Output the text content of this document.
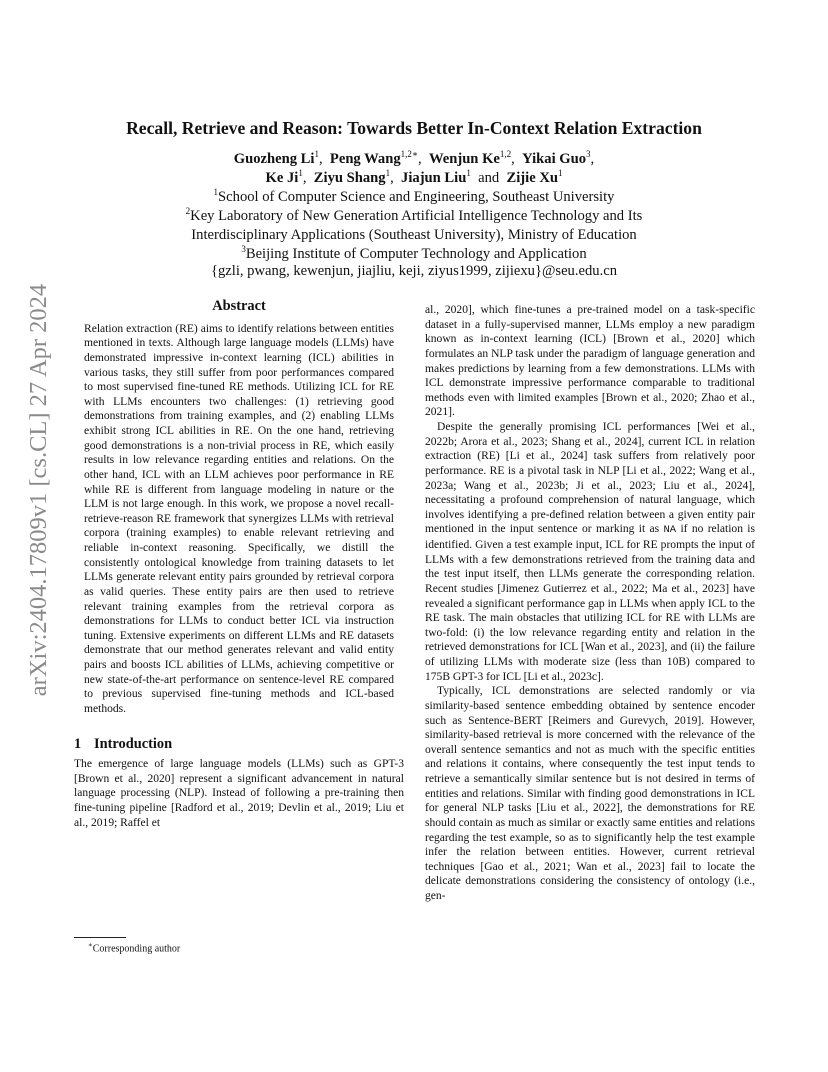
arXiv:2404.17809v1 [cs.CL] 27 Apr 2024
Recall, Retrieve and Reason: Towards Better In-Context Relation Extraction
Guozheng Li$^1$,  Peng Wang$^{1,2∗}$,  Wenjun Ke$^{1,2}$,  Yikai Guo$^3$,
Ke Ji$^1$,  Ziyu Shang$^1$,  Jiajun Liu$^1$ and Zijie Xu$^1$
$^1$School of Computer Science and Engineering, Southeast University
$^2$Key Laboratory of New Generation Artificial Intelligence Technology and Its
Interdisciplinary Applications (Southeast University), Ministry of Education
$^3$Beijing Institute of Computer Technology and Application
{gzli, pwang, kewenjun, jiajliu, keji, ziyus1999, zijiexu}@seu.edu.cn
Abstract

Relation extraction (RE) aims to identify relations between entities mentioned in texts. Although large language models (LLMs) have demonstrated impressive in-context learning (ICL) abilities in various tasks, they still suffer from poor performances compared to most supervised fine-tuned RE methods. Utilizing ICL for RE with LLMs encounters two challenges: (1) retrieving good demonstrations from training examples, and (2) enabling LLMs exhibit strong ICL abilities in RE. On the one hand, retrieving good demonstrations is a non-trivial process in RE, which easily results in low relevance regarding entities and relations. On the other hand, ICL with an LLM achieves poor performance in RE while RE is different from language modeling in nature or the LLM is not large enough. In this work, we propose a novel recall-retrieve-reason RE framework that synergizes LLMs with retrieval corpora (training examples) to enable relevant retrieving and reliable in-context reasoning. Specifically, we distill the consistently ontological knowledge from training datasets to let LLMs generate relevant entity pairs grounded by retrieval corpora as valid queries. These entity pairs are then used to retrieve relevant training examples from the retrieval corpora as demonstrations for LLMs to conduct better ICL via instruction tuning. Extensive experiments on different LLMs and RE datasets demonstrate that our method generates relevant and valid entity pairs and boosts ICL abilities of LLMs, achieving competitive or new state-of-the-art performance on sentence-level RE compared to previous supervised fine-tuning methods and ICL-based methods.

1 Introduction

The emergence of large language models (LLMs) such as GPT-3 [Brown et al., 2020] represent a significant advancement in natural language processing (NLP). Instead of following a pre-training then fine-tuning pipeline [Radford et al., 2019; Devlin et al., 2019; Liu et al., 2019; Raffel et

∗Corresponding author

al., 2020], which fine-tunes a pre-trained model on a task-specific dataset in a fully-supervised manner, LLMs employ a new paradigm known as in-context learning (ICL) [Brown et al., 2020] which formulates an NLP task under the paradigm of language generation and makes predictions by learning from a few demonstrations. LLMs with ICL demonstrate impressive performance comparable to traditional methods even with limited examples [Brown et al., 2020; Zhao et al., 2021].

Despite the generally promising ICL performances [Wei et al., 2022b; Arora et al., 2023; Shang et al., 2024], current ICL in relation extraction (RE) [Li et al., 2024] task suffers from relatively poor performance. RE is a pivotal task in NLP [Li et al., 2022; Wang et al., 2023a; Wang et al., 2023b; Ji et al., 2023; Liu et al., 2024], necessitating a profound comprehension of natural language, which involves identifying a pre-defined relation between a given entity pair mentioned in the input sentence or marking it as NA if no relation is identified. Given a test example input, ICL for RE prompts the input of LLMs with a few demonstrations retrieved from the training data and the test input itself, then LLMs generate the corresponding relation. Recent studies [Jimenez Gutierrez et al., 2022; Ma et al., 2023] have revealed a significant performance gap in LLMs when apply ICL to the RE task. The main obstacles that utilizing ICL for RE with LLMs are two-fold: (i) the low relevance regarding entity and relation in the retrieved demonstrations for ICL [Wan et al., 2023], and (ii) the failure of utilizing LLMs with moderate size (less than 10B) compared to 175B GPT-3 for ICL [Li et al., 2023c].

Typically, ICL demonstrations are selected randomly or via similarity-based sentence embedding obtained by sentence encoder such as Sentence-BERT [Reimers and Gurevych, 2019]. However, similarity-based retrieval is more concerned with the relevance of the overall sentence semantics and not as much with the specific entities and relations it contains, where consequently the test input tends to retrieve a semantically similar sentence but is not desired in terms of entities and relations. Similar with finding good demonstrations in ICL for general NLP tasks [Liu et al., 2022], the demonstrations for RE should contain as much as similar or exactly same entities and relations regarding the test example, so as to significantly help the test example infer the relation between entities. However, current retrieval techniques [Gao et al., 2021; Wan et al., 2023] fail to locate the delicate demonstrations considering the consistency of ontology (i.e., gen-
